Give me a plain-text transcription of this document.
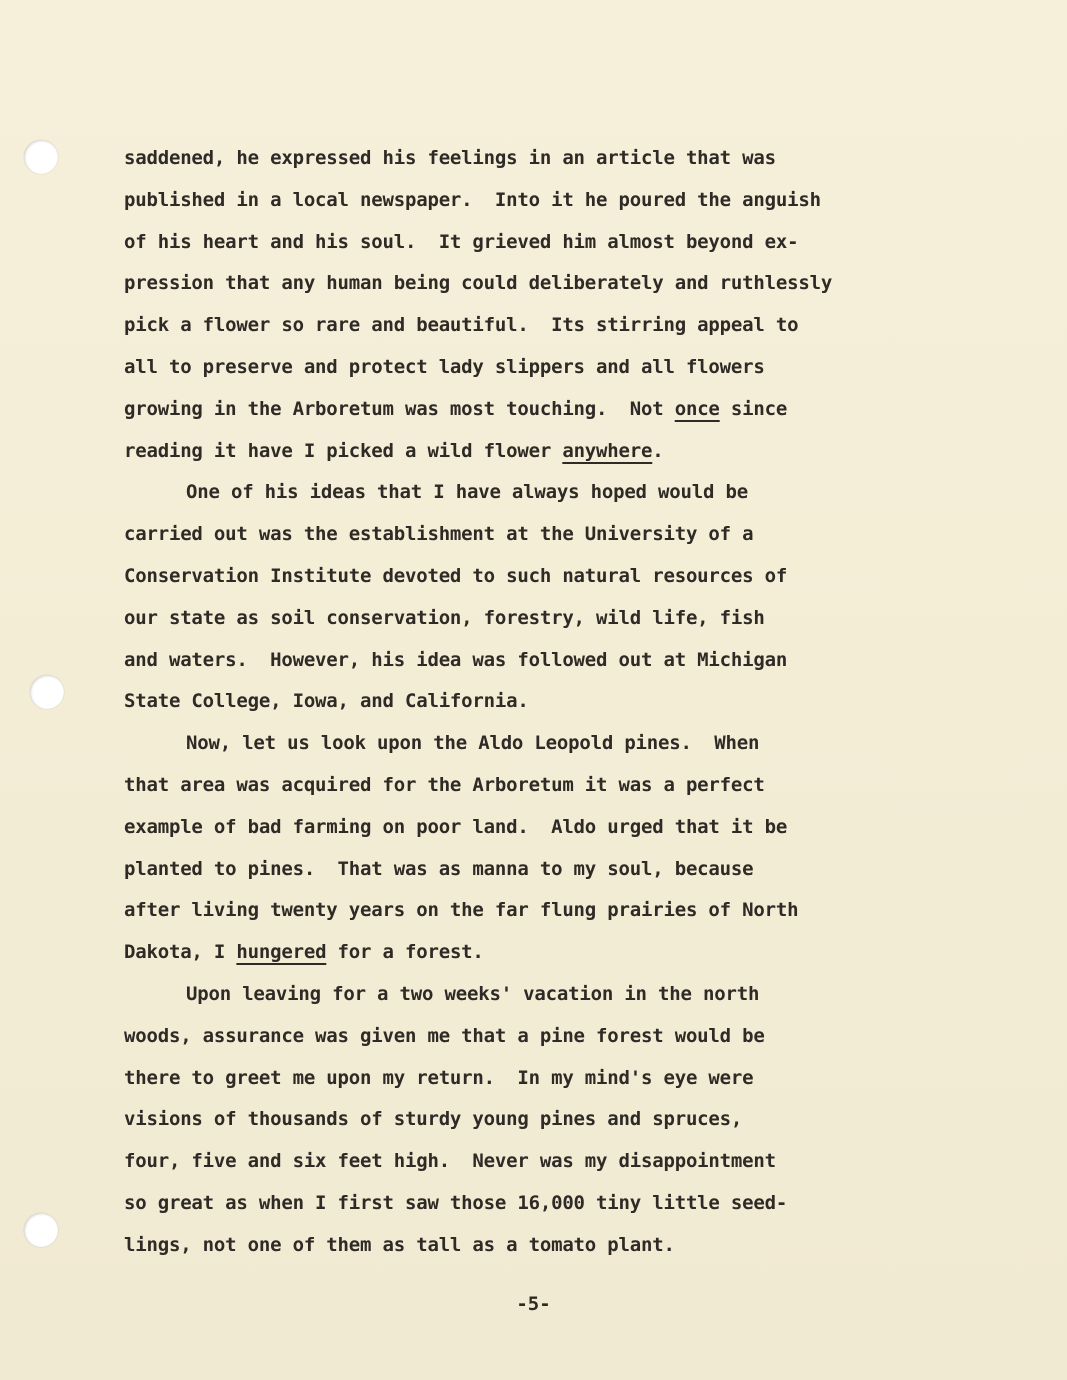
saddened, he expressed his feelings in an article that was
published in a local newspaper.  Into it he poured the anguish
of his heart and his soul.  It grieved him almost beyond ex-
pression that any human being could deliberately and ruthlessly
pick a flower so rare and beautiful.  Its stirring appeal to
all to preserve and protect lady slippers and all flowers
growing in the Arboretum was most touching.  Not once since
reading it have I picked a wild flower anywhere.
One of his ideas that I have always hoped would be
carried out was the establishment at the University of a
Conservation Institute devoted to such natural resources of
our state as soil conservation, forestry, wild life, fish
and waters.  However, his idea was followed out at Michigan
State College, Iowa, and California.
Now, let us look upon the Aldo Leopold pines.  When
that area was acquired for the Arboretum it was a perfect
example of bad farming on poor land.  Aldo urged that it be
planted to pines.  That was as manna to my soul, because
after living twenty years on the far flung prairies of North
Dakota, I hungered for a forest.
Upon leaving for a two weeks' vacation in the north
woods, assurance was given me that a pine forest would be
there to greet me upon my return.  In my mind's eye were
visions of thousands of sturdy young pines and spruces,
four, five and six feet high.  Never was my disappointment
so great as when I first saw those 16,000 tiny little seed-
lings, not one of them as tall as a tomato plant.
-5-
